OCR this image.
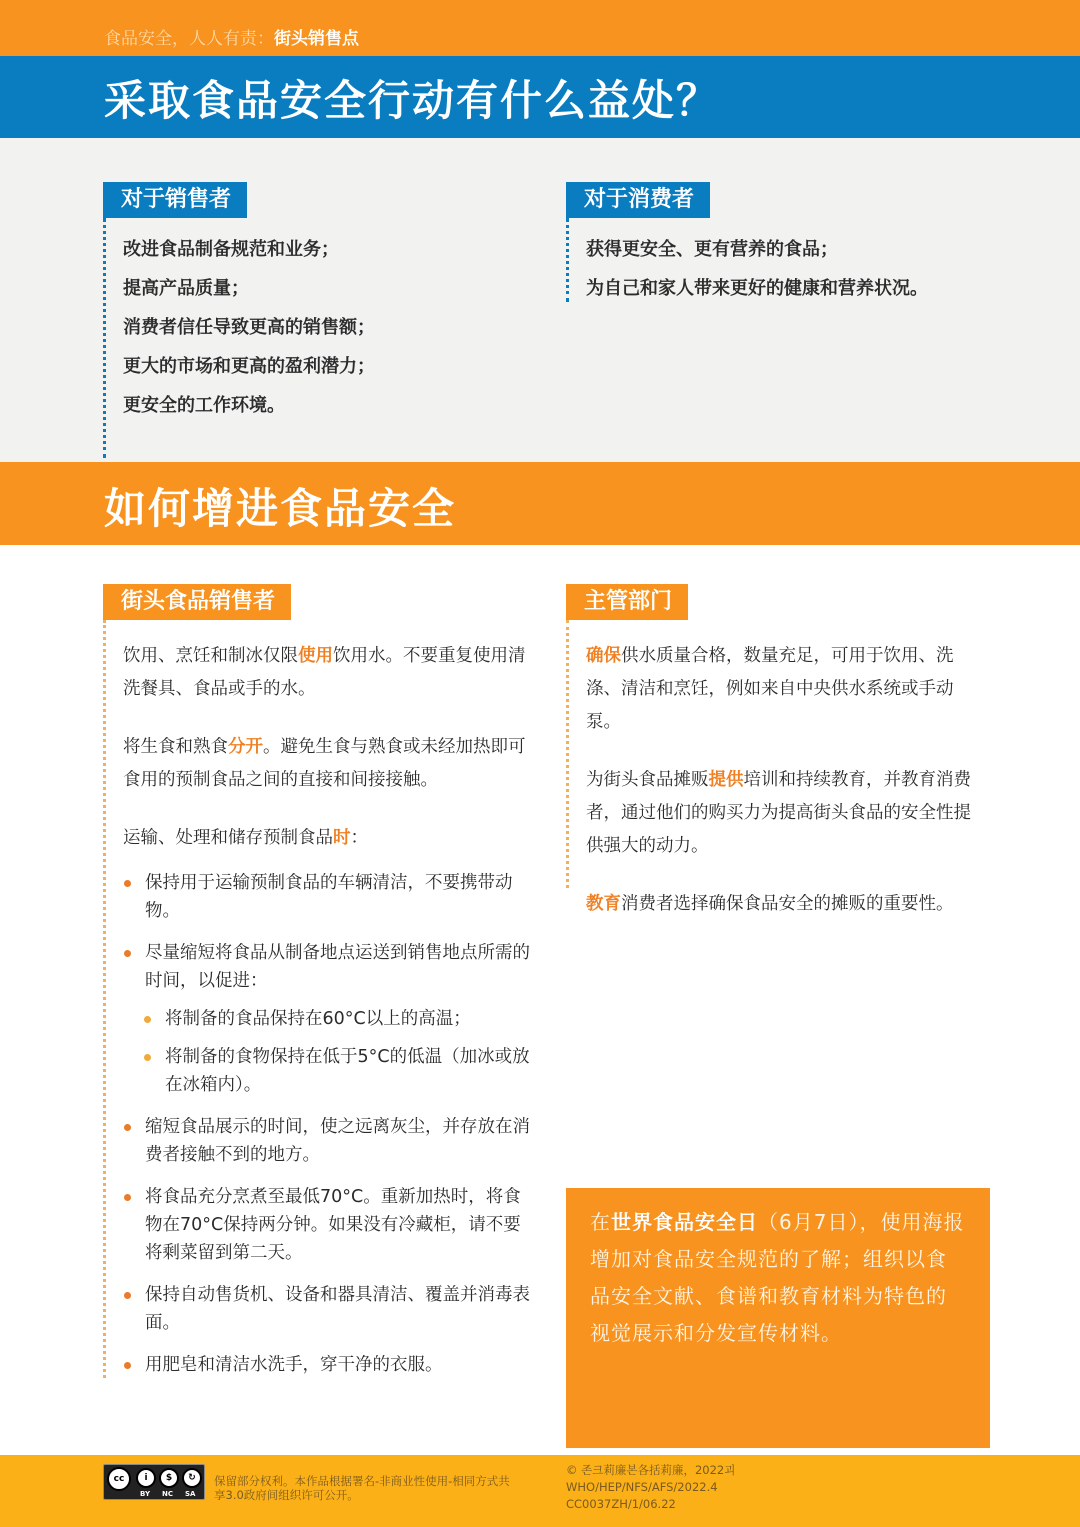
食品安全，人人有责：街头销售点
采取食品安全行动有什么益处？
对于销售者
改进食品制备规范和业务；
提高产品质量；
消费者信任导致更高的销售额；
更大的市场和更高的盈利潜力；
更安全的工作环境。
对于消费者
获得更安全、更有营养的食品；
为自己和家人带来更好的健康和营养状况。
如何增进食品安全
街头食品销售者

饮用、烹饪和制冰仅限使用饮用水。不要重复使用清洗餐具、食品或手的水。

将生食和熟食分开。避免生食与熟食或未经加热即可食用的预制食品之间的直接和间接接触。

运输、处理和储存预制食品时：

保持用于运输预制食品的车辆清洁，不要携带动物。
尽量缩短将食品从制备地点运送到销售地点所需的时间，以促进：
将制备的食品保持在60°C以上的高温；
将制备的食物保持在低于5°C的低温（加冰或放在冰箱内）。
缩短食品展示的时间，使之远离灰尘，并存放在消费者接触不到的地方。
将食品充分烹煮至最低70°C。重新加热时，将食物在70°C保持两分钟。如果没有冷藏柜，请不要将剩菜留到第二天。
保持自动售货机、设备和器具清洁、覆盖并消毒表面。
用肥皂和清洁水洗手，穿干净的衣服。
主管部门

确保供水质量合格，数量充足，可用于饮用、洗涤、清洁和烹饪，例如来自中央供水系统或手动泵。

为街头食品摊贩提供培训和持续教育，并教育消费者，通过他们的购买力为提高街头食品的安全性提供强大的动力。

教育消费者选择确保食品安全的摊贩的重要性。

在世界食品安全日（6月7日），使用海报增加对食品安全规范的了解；组织以食品安全文献、食谱和教育材料为特色的视觉展示和分发宣传材料。

cc	i	$	↻
BY NC SA
保留部分权利。本作品根据署名-非商业性使用-相同方式共享3.0政府间组织许可公开。
© 존크莉廉본各括莉廉，2022괴
WHO/HEP/NFS/AFS/2022.4
CC0037ZH/1/06.22
